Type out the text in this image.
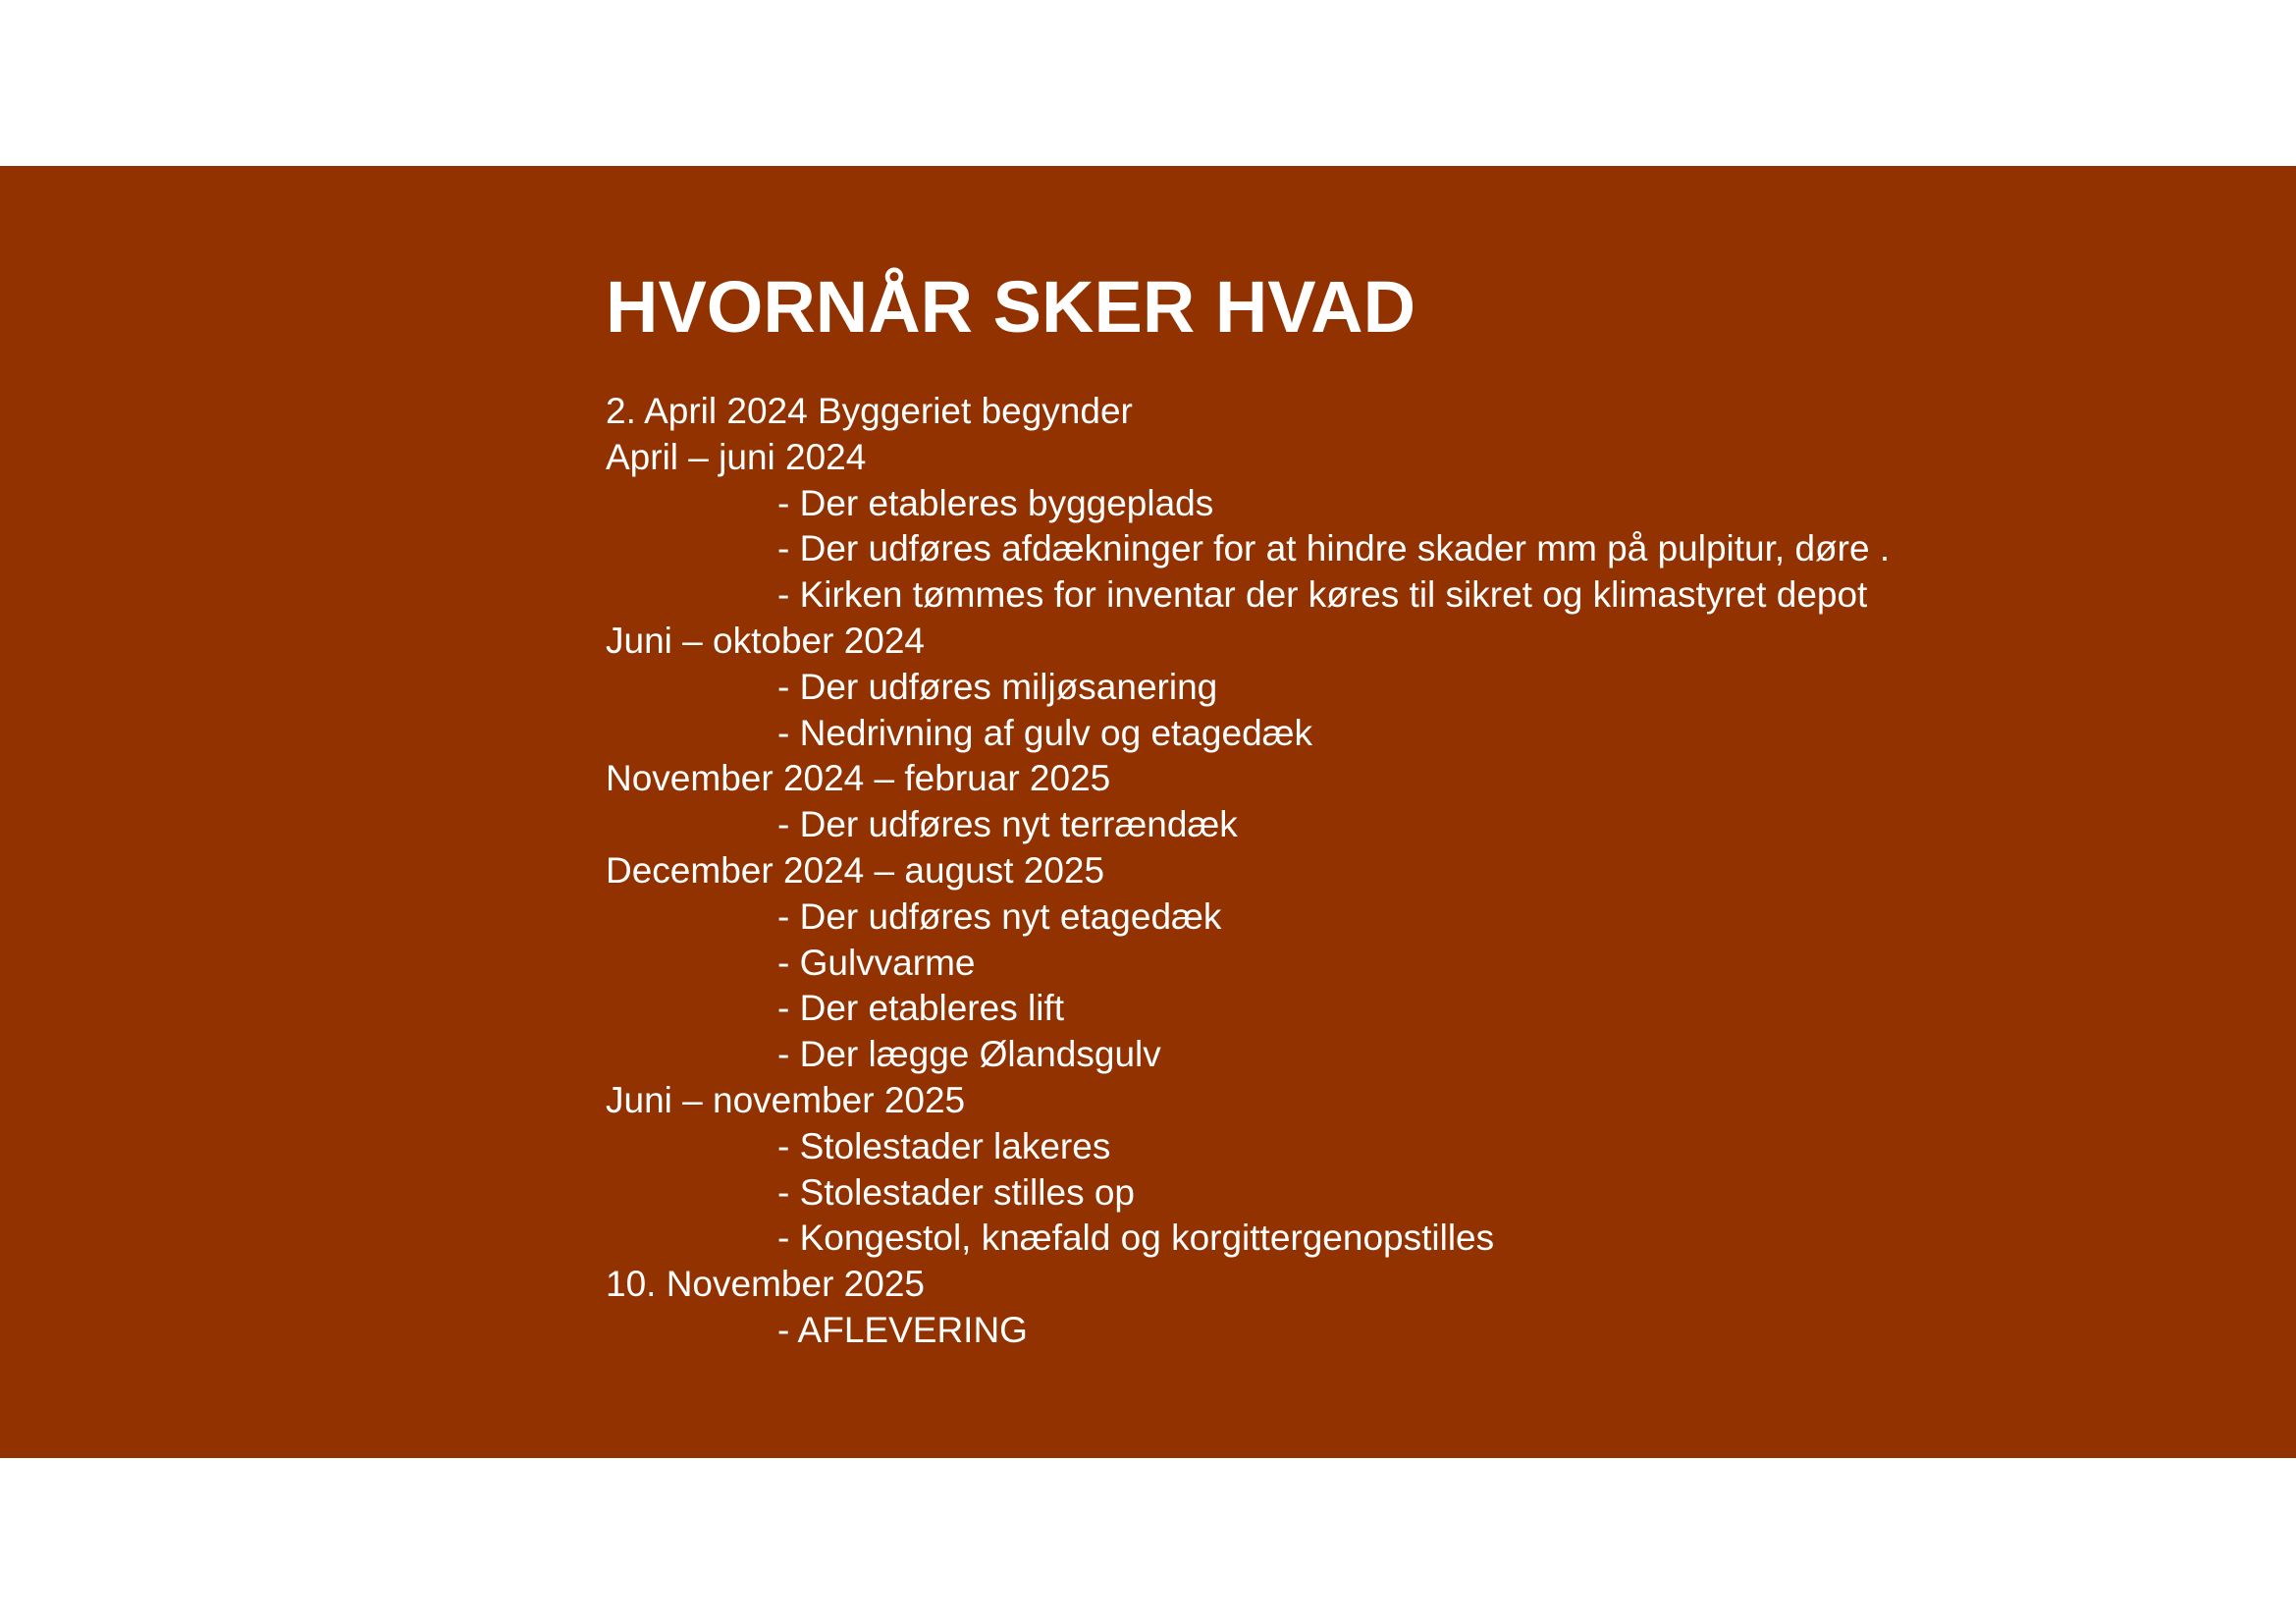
HVORNÅR SKER HVAD
2. April 2024 Byggeriet begynder
April – juni 2024
- Der etableres byggeplads
- Der udføres afdækninger for at hindre skader mm på pulpitur, døre .
- Kirken tømmes for inventar der køres til sikret og klimastyret depot
Juni – oktober 2024
- Der udføres miljøsanering
- Nedrivning af gulv og etagedæk
November 2024 – februar 2025
- Der udføres nyt terrændæk
December 2024 – august 2025
- Der udføres nyt etagedæk
- Gulvvarme
- Der etableres lift
- Der lægge Ølandsgulv
Juni – november 2025
- Stolestader lakeres
- Stolestader stilles op
- Kongestol, knæfald og korgittergenopstilles
10. November 2025
- AFLEVERING
